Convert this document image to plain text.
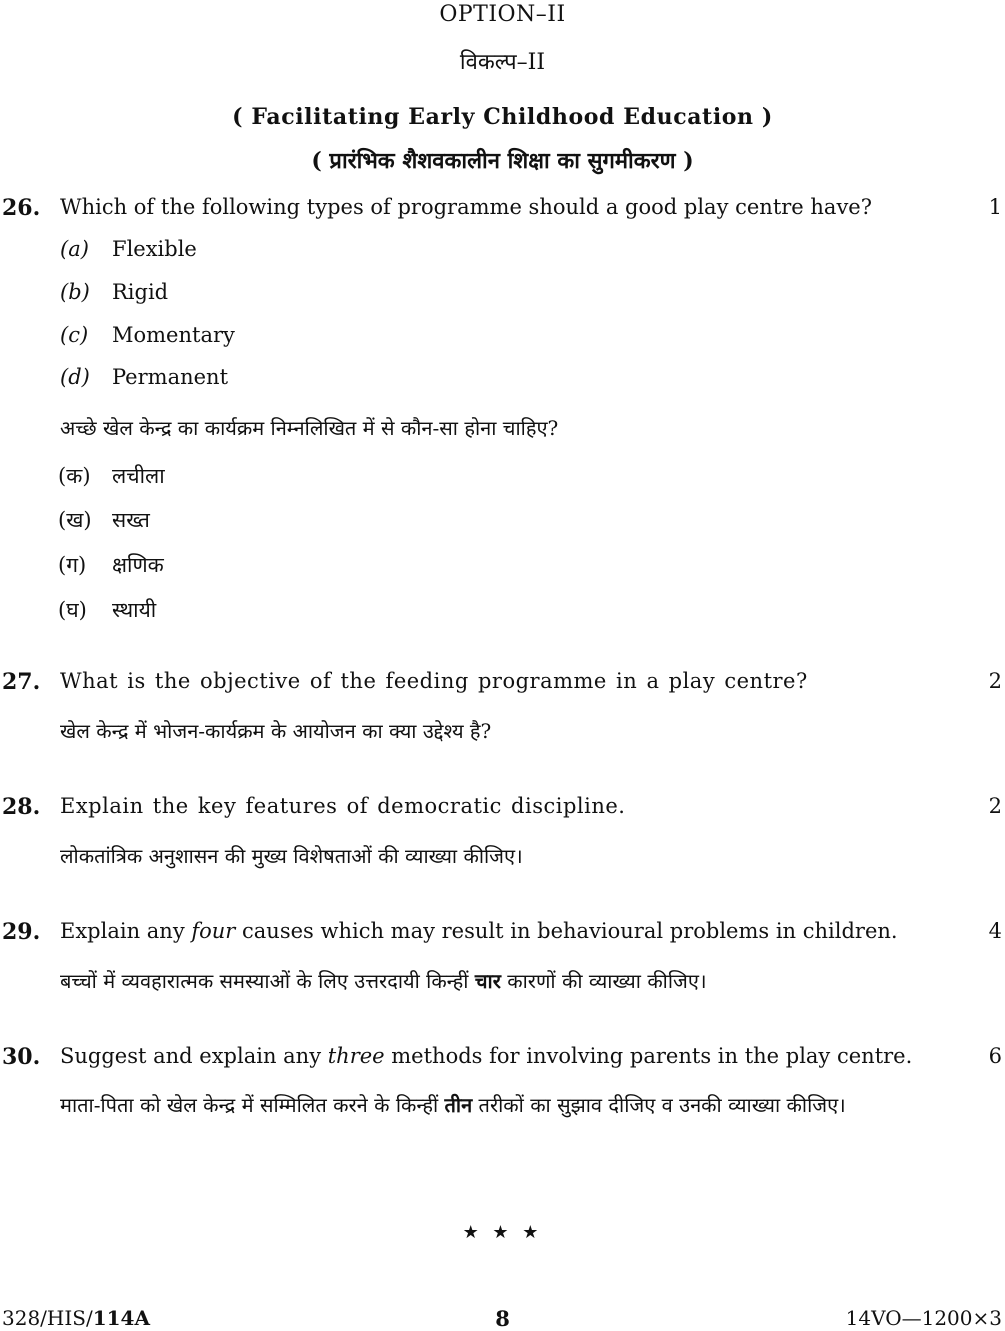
OPTION–II
विकल्प–II
( Facilitating Early Childhood Education )
( प्रारंभिक शैशवकालीन शिक्षा का सुगमीकरण )
26. Which of the following types of programme should a good play centre have?	1
(a) Flexible
(b) Rigid
(c) Momentary
(d) Permanent
अच्छे खेल केन्द्र का कार्यक्रम निम्नलिखित में से कौन-सा होना चाहिए?
(क) लचीला
(ख) सख्त
(ग) क्षणिक
(घ) स्थायी
27. What is the objective of the feeding programme in a play centre?	2
खेल केन्द्र में भोजन-कार्यक्रम के आयोजन का क्या उद्देश्य है?
28. Explain the key features of democratic discipline.	2
लोकतांत्रिक अनुशासन की मुख्य विशेषताओं की व्याख्या कीजिए।
29. Explain any four causes which may result in behavioural problems in children.	4
बच्चों में व्यवहारात्मक समस्याओं के लिए उत्तरदायी किन्हीं चार कारणों की व्याख्या कीजिए।
30. Suggest and explain any three methods for involving parents in the play centre.	6
माता-पिता को खेल केन्द्र में सम्मिलित करने के किन्हीं तीन तरीकों का सुझाव दीजिए व उनकी व्याख्या कीजिए।
★ ★ ★
328/HIS/114A	8	14VO—1200×3
